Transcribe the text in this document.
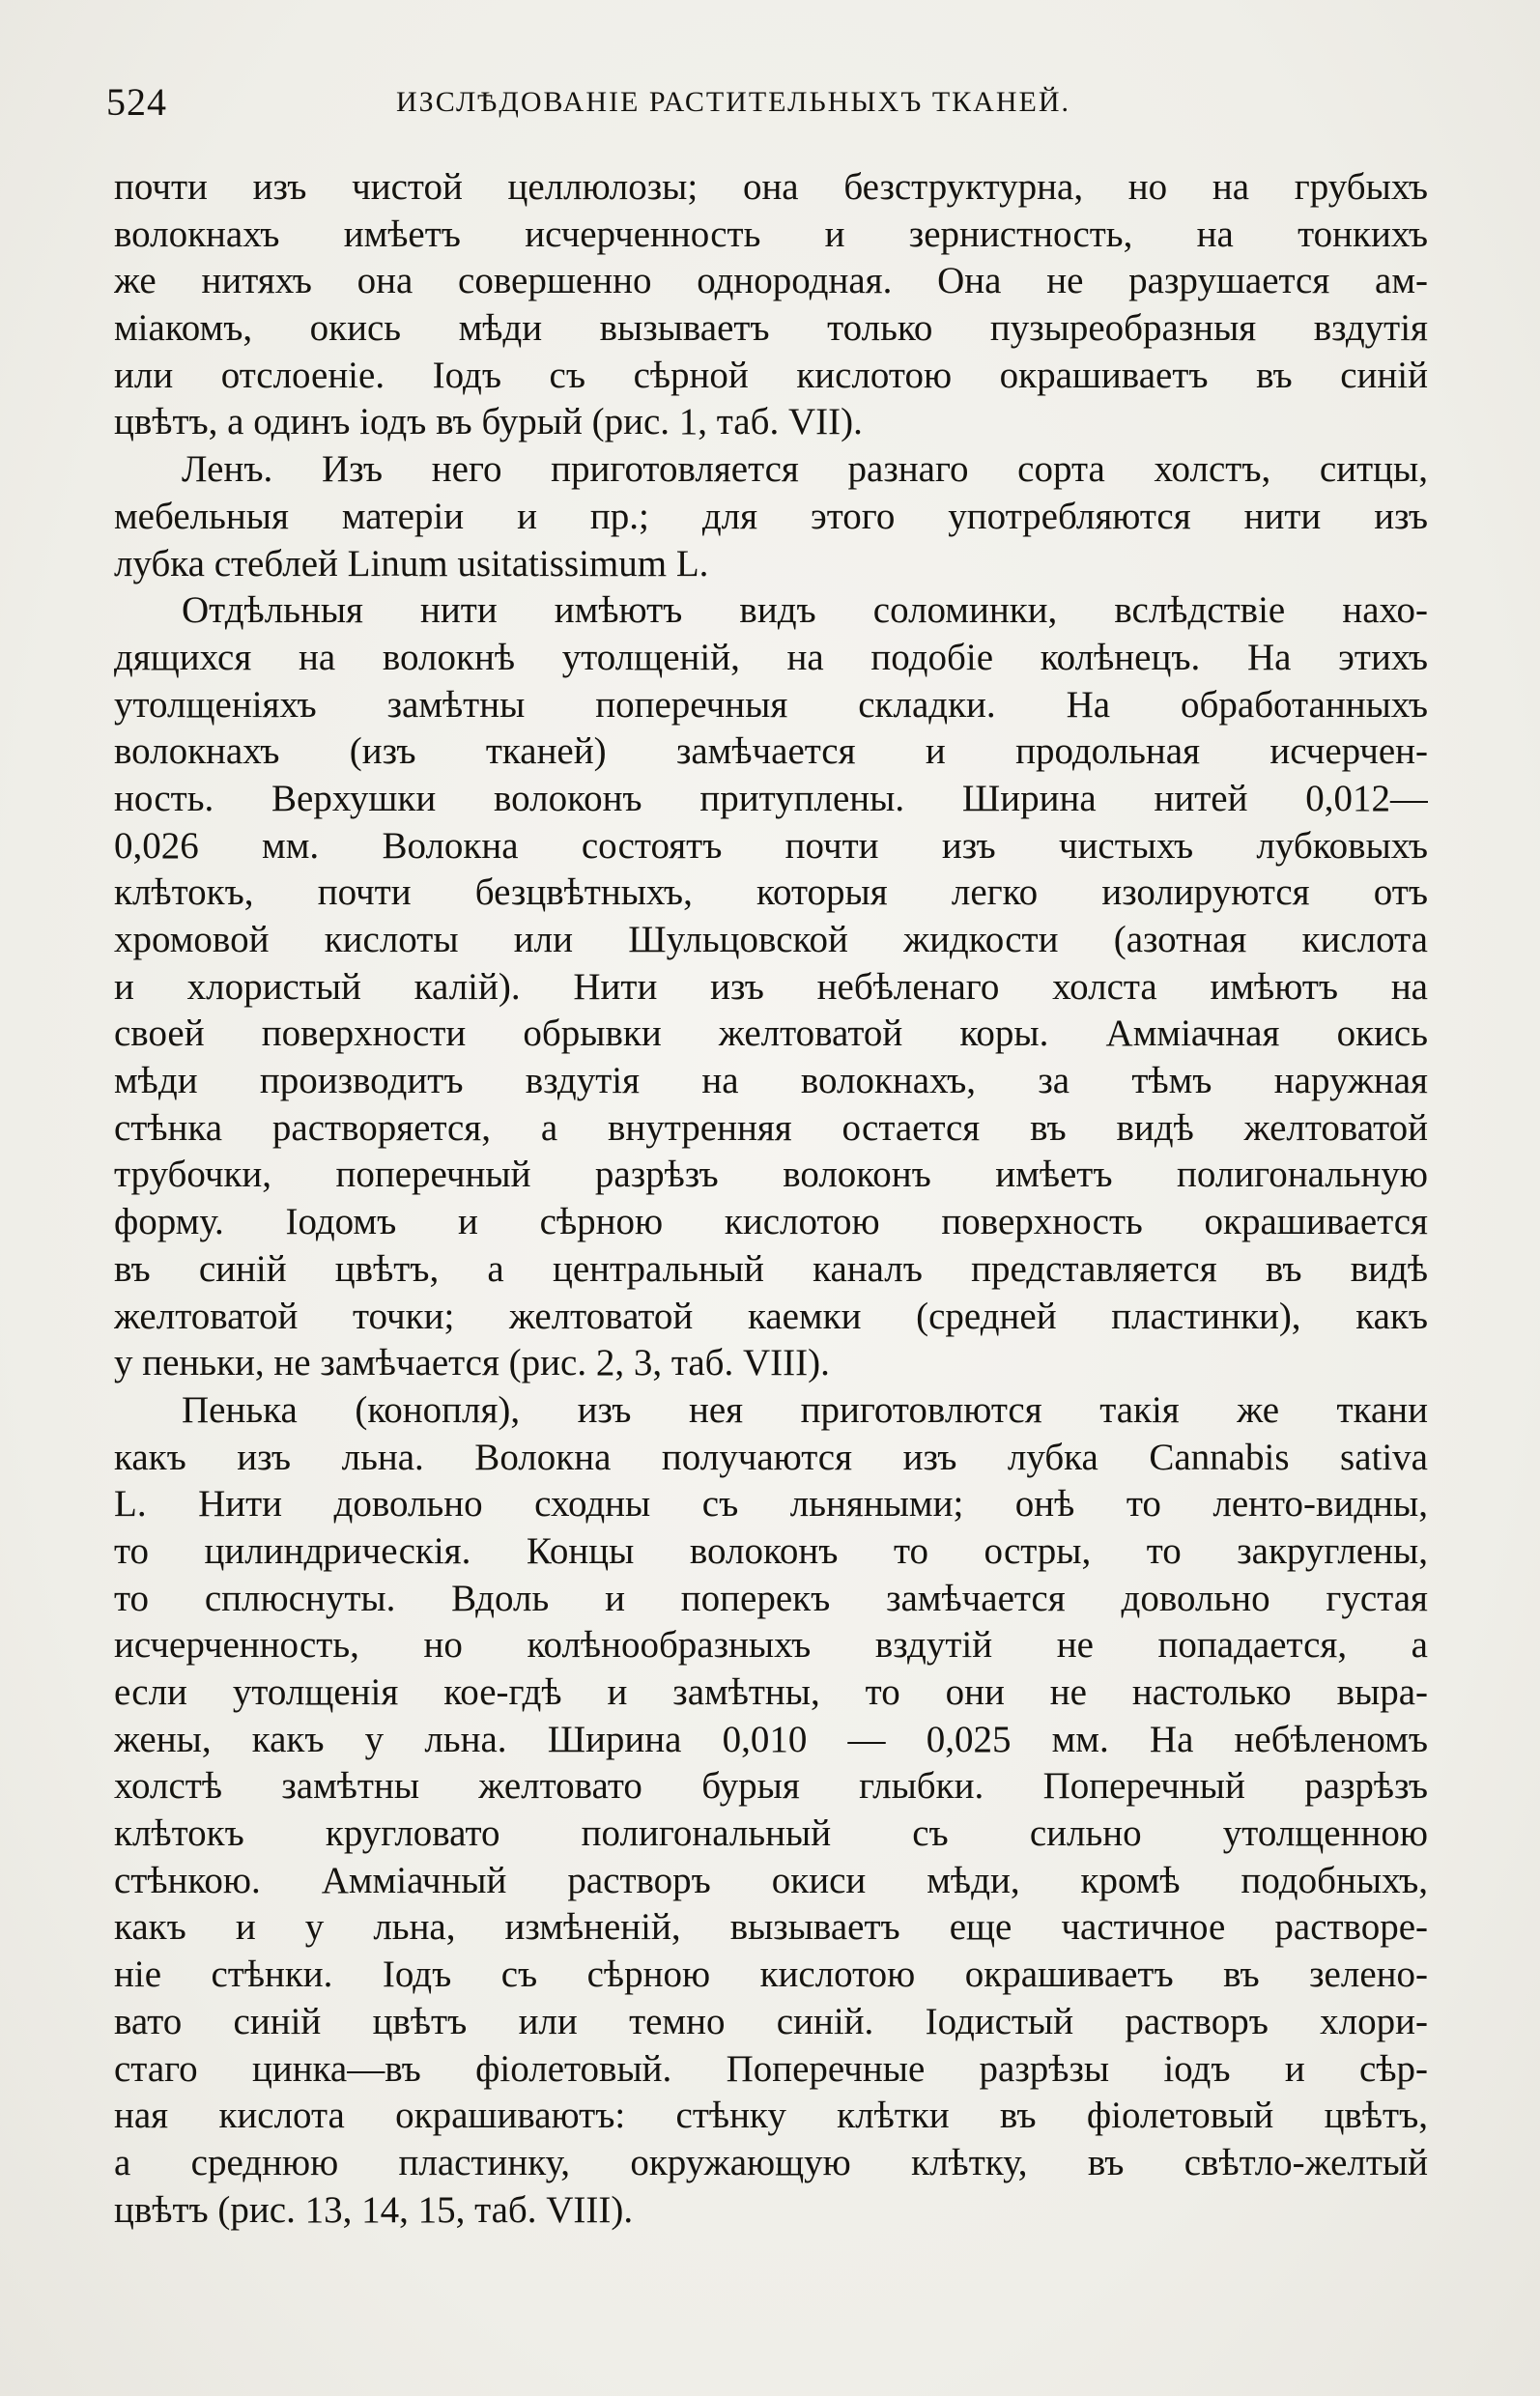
524	ИЗСЛѢДОВАНІЕ РАСТИТЕЛЬНЫХЪ ТКАНЕЙ.
почти изъ чистой целлюлозы; она безструктурна, но на грубыхъ
волокнахъ имѣетъ исчерченность и зернистность, на тонкихъ
же нитяхъ она совершенно однородная. Она не разрушается ам-
міакомъ, окись мѣди вызываетъ только пузыреобразныя вздутія
или отслоеніе. Іодъ съ сѣрной кислотою окрашиваетъ въ синій
цвѣтъ, а одинъ іодъ въ бурый (рис. 1, таб. VII).
Ленъ. Изъ него приготовляется разнаго сорта холстъ, ситцы,
мебельныя матеріи и пр.; для этого употребляются нити изъ
лубка стеблей Linum usitatissimum L.
Отдѣльныя нити имѣютъ видъ соломинки, вслѣдствіе нахо-
дящихся на волокнѣ утолщеній, на подобіе колѣнецъ. На этихъ
утолщеніяхъ замѣтны поперечныя складки. На обработанныхъ
волокнахъ (изъ тканей) замѣчается и продольная исчерчен-
ность. Верхушки волоконъ притуплены. Ширина нитей 0,012—
0,026 мм. Волокна состоятъ почти изъ чистыхъ лубковыхъ
клѣтокъ, почти безцвѣтныхъ, которыя легко изолируются отъ
хромовой кислоты или Шульцовской жидкости (азотная кислота
и хлористый калій). Нити изъ небѣленаго холста имѣютъ на
своей поверхности обрывки желтоватой коры. Аммiачная окись
мѣди производитъ вздутія на волокнахъ, за тѣмъ наружная
стѣнка растворяется, а внутренняя остается въ видѣ желтоватой
трубочки, поперечный разрѣзъ волоконъ имѣетъ полигональную
форму. Іодомъ и сѣрною кислотою поверхность окрашивается
въ синій цвѣтъ, а центральный каналъ представляется въ видѣ
желтоватой точки; желтоватой каемки (средней пластинки), какъ
у пеньки, не замѣчается (рис. 2, 3, таб. VIII).
Пенька (конопля), изъ нея приготовлются такія же ткани
какъ изъ льна. Волокна получаются изъ лубка Cannabis sativa
L. Нити довольно сходны съ льняными; онѣ то ленто-видны,
то цилиндрическія. Концы волоконъ то остры, то закруглены,
то сплюснуты. Вдоль и поперекъ замѣчается довольно густая
исчерченность, но колѣнообразныхъ вздутій не попадается, а
если утолщенія кое-гдѣ и замѣтны, то они не настолько выра-
жены, какъ у льна. Ширина 0,010 — 0,025 мм. На небѣленомъ
холстѣ замѣтны желтовато бурыя глыбки. Поперечный разрѣзъ
клѣтокъ кругловато полигональный съ сильно утолщенною
стѣнкою. Аммiачный растворъ окиси мѣди, кромѣ подобныхъ,
какъ и у льна, измѣненій, вызываетъ еще частичное растворе-
ніе стѣнки. Іодъ съ сѣрною кислотою окрашиваетъ въ зелено-
вато синій цвѣтъ или темно синій. Іодистый растворъ хлори-
стаго цинка—въ фіолетовый. Поперечные разрѣзы іодъ и сѣр-
ная кислота окрашиваютъ: стѣнку клѣтки въ фіолетовый цвѣтъ,
а среднюю пластинку, окружающую клѣтку, въ свѣтло-желтый
цвѣтъ (рис. 13, 14, 15, таб. VIII).
